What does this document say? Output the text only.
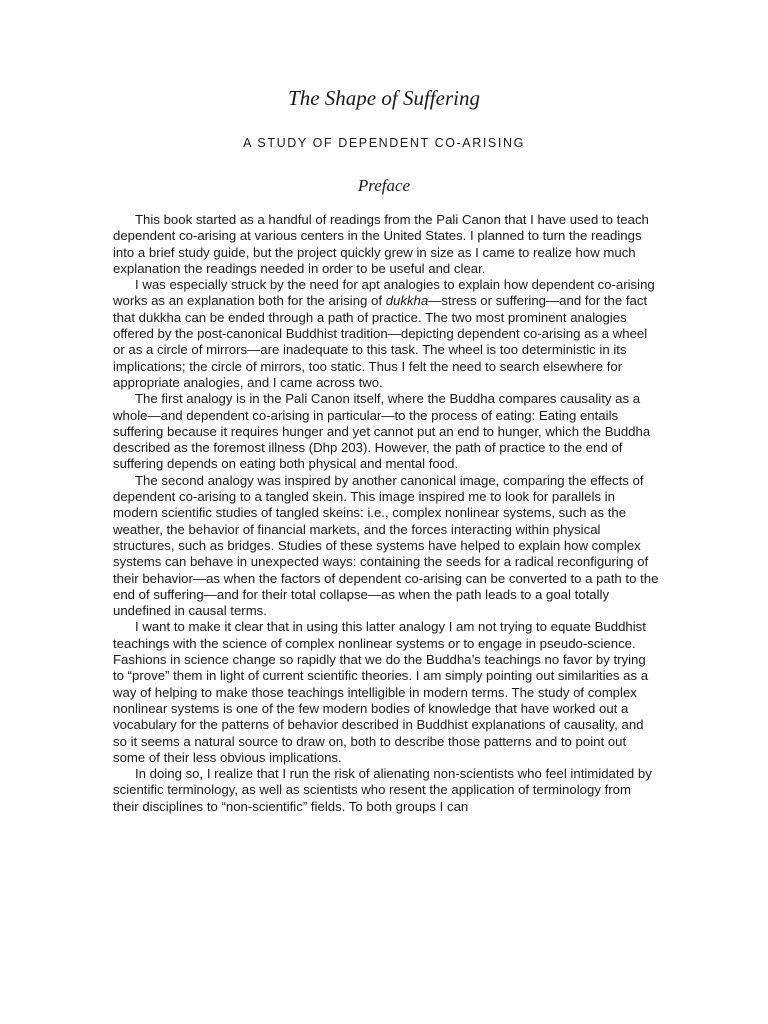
The Shape of Suffering
A STUDY OF DEPENDENT CO-ARISING
Preface

This book started as a handful of readings from the Pali Canon that I have used to teach dependent co-arising at various centers in the United States. I planned to turn the readings into a brief study guide, but the project quickly grew in size as I came to realize how much explanation the readings needed in order to be useful and clear.

I was especially struck by the need for apt analogies to explain how dependent co-arising works as an explanation both for the arising of dukkha—stress or suffering—and for the fact that dukkha can be ended through a path of practice. The two most prominent analogies offered by the post-canonical Buddhist tradition—depicting dependent co-arising as a wheel or as a circle of mirrors—are inadequate to this task. The wheel is too deterministic in its implications; the circle of mirrors, too static. Thus I felt the need to search elsewhere for appropriate analogies, and I came across two.

The first analogy is in the Pali Canon itself, where the Buddha compares causality as a whole—and dependent co-arising in particular—to the process of eating: Eating entails suffering because it requires hunger and yet cannot put an end to hunger, which the Buddha described as the foremost illness (Dhp 203). However, the path of practice to the end of suffering depends on eating both physical and mental food.

The second analogy was inspired by another canonical image, comparing the effects of dependent co-arising to a tangled skein. This image inspired me to look for parallels in modern scientific studies of tangled skeins: i.e., complex nonlinear systems, such as the weather, the behavior of financial markets, and the forces interacting within physical structures, such as bridges. Studies of these systems have helped to explain how complex systems can behave in unexpected ways: containing the seeds for a radical reconfiguring of their behavior—as when the factors of dependent co-arising can be converted to a path to the end of suffering—and for their total collapse—as when the path leads to a goal totally undefined in causal terms.

I want to make it clear that in using this latter analogy I am not trying to equate Buddhist teachings with the science of complex nonlinear systems or to engage in pseudo-science. Fashions in science change so rapidly that we do the Buddha’s teachings no favor by trying to “prove” them in light of current scientific theories. I am simply pointing out similarities as a way of helping to make those teachings intelligible in modern terms. The study of complex nonlinear systems is one of the few modern bodies of knowledge that have worked out a vocabulary for the patterns of behavior described in Buddhist explanations of causality, and so it seems a natural source to draw on, both to describe those patterns and to point out some of their less obvious implications.

In doing so, I realize that I run the risk of alienating non-scientists who feel intimidated by scientific terminology, as well as scientists who resent the application of terminology from their disciplines to “non-scientific” fields. To both groups I can
